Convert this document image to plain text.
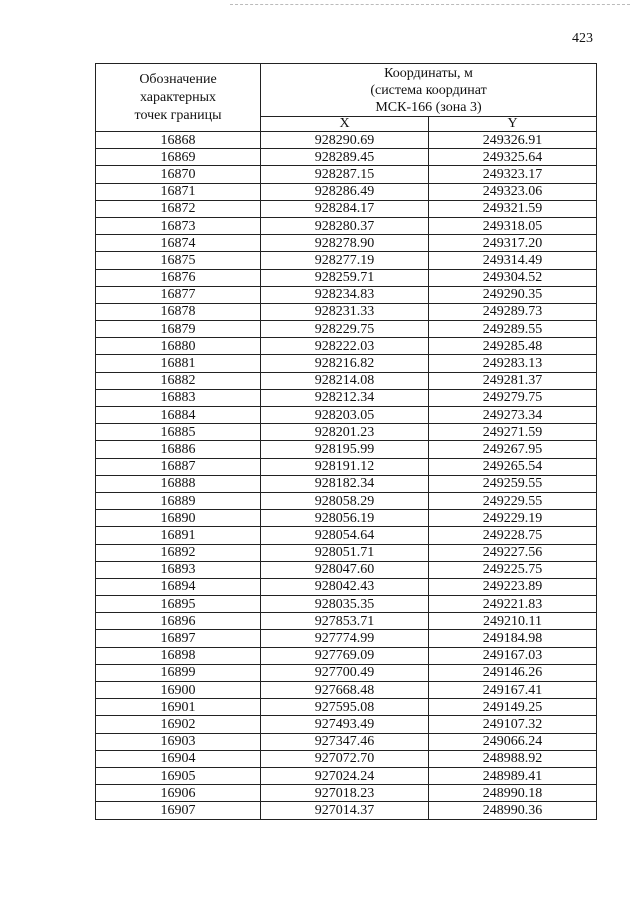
423
Обозначение
характерных
точек границы	Координаты, м
(система координат
МСК-166 (зона 3)	
	X	Y
16868	928290.69	249326.91
16869	928289.45	249325.64
16870	928287.15	249323.17
16871	928286.49	249323.06
16872	928284.17	249321.59
16873	928280.37	249318.05
16874	928278.90	249317.20
16875	928277.19	249314.49
16876	928259.71	249304.52
16877	928234.83	249290.35
16878	928231.33	249289.73
16879	928229.75	249289.55
16880	928222.03	249285.48
16881	928216.82	249283.13
16882	928214.08	249281.37
16883	928212.34	249279.75
16884	928203.05	249273.34
16885	928201.23	249271.59
16886	928195.99	249267.95
16887	928191.12	249265.54
16888	928182.34	249259.55
16889	928058.29	249229.55
16890	928056.19	249229.19
16891	928054.64	249228.75
16892	928051.71	249227.56
16893	928047.60	249225.75
16894	928042.43	249223.89
16895	928035.35	249221.83
16896	927853.71	249210.11
16897	927774.99	249184.98
16898	927769.09	249167.03
16899	927700.49	249146.26
16900	927668.48	249167.41
16901	927595.08	249149.25
16902	927493.49	249107.32
16903	927347.46	249066.24
16904	927072.70	248988.92
16905	927024.24	248989.41
16906	927018.23	248990.18
16907	927014.37	248990.36
